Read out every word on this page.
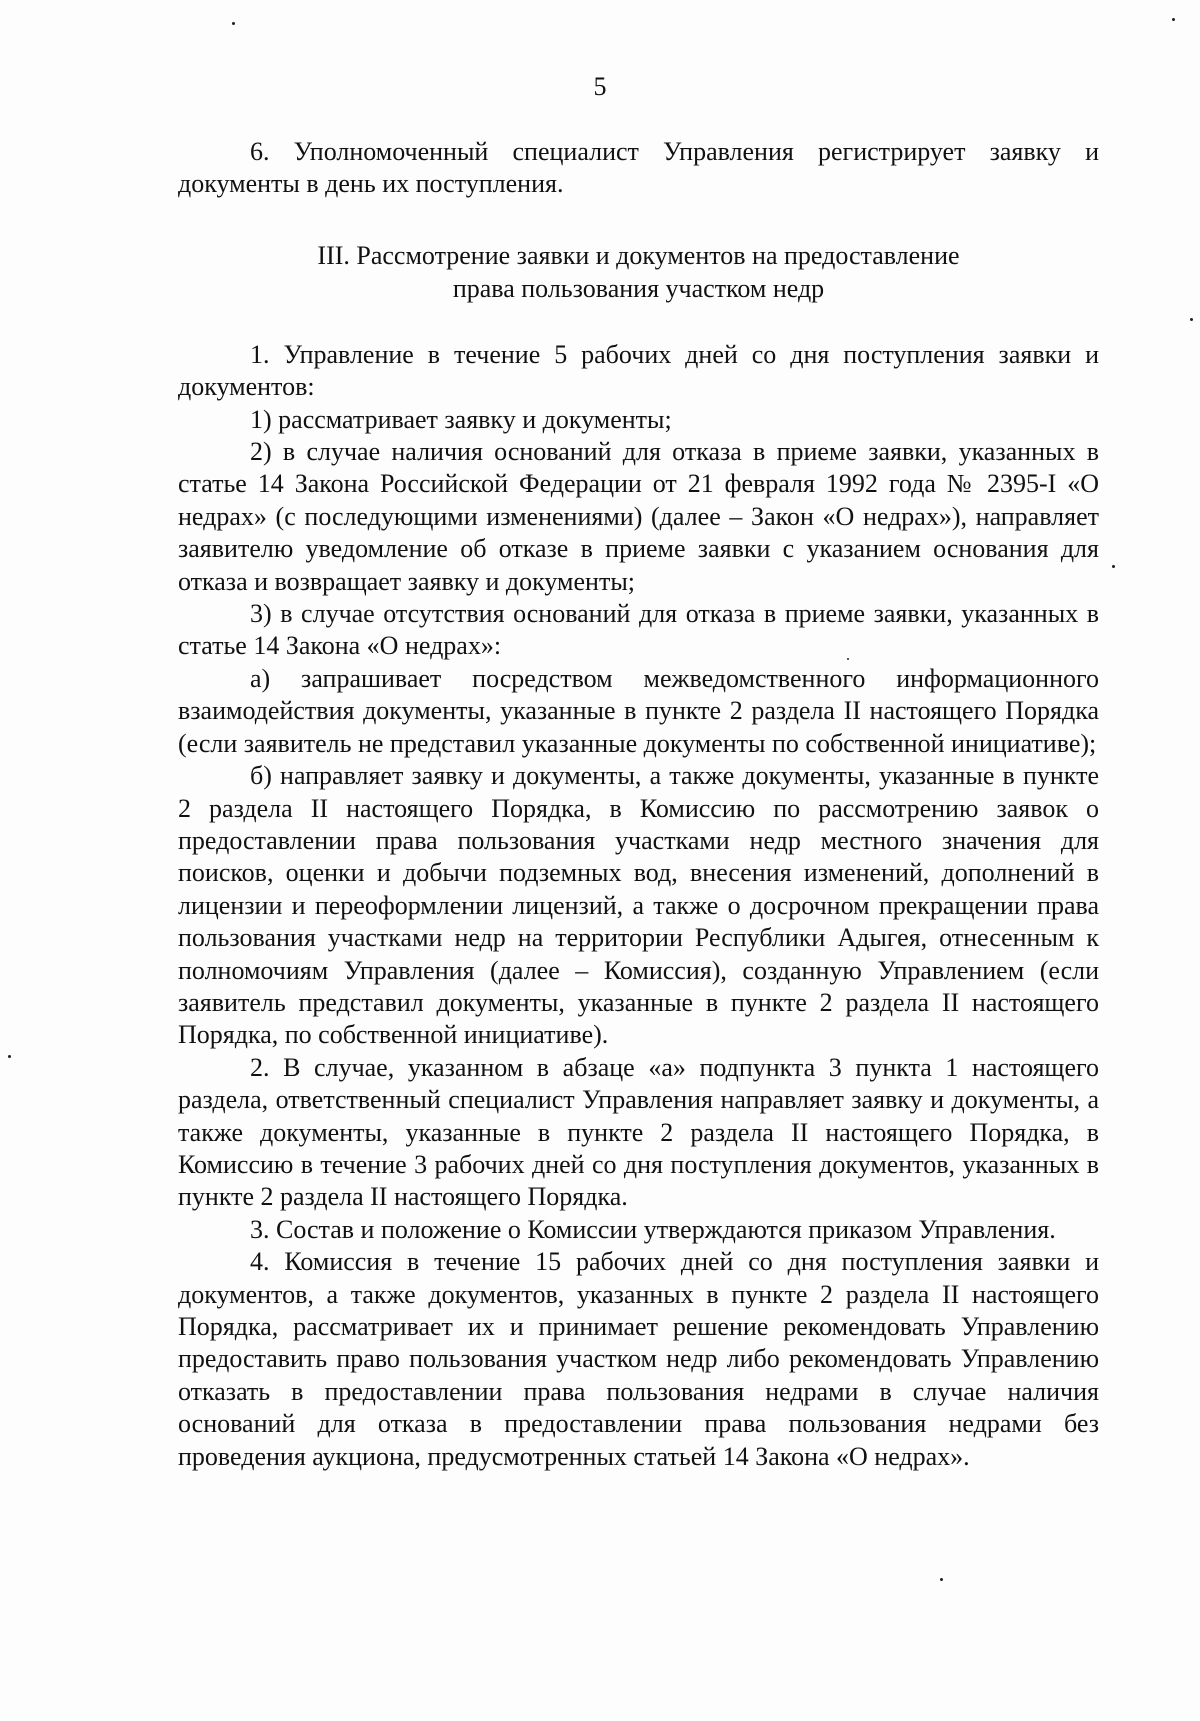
5

6. Уполномоченный специалист Управления регистрирует заявку и документы в день их поступления.

III. Рассмотрение заявки и документов на предоставление
права пользования участком недр

1. Управление в течение 5 рабочих дней со дня поступления заявки и документов:

1) рассматривает заявку и документы;

2) в случае наличия оснований для отказа в приеме заявки, указанных в статье 14 Закона Российской Федерации от 21 февраля 1992 года № 2395-I «О недрах» (с последующими изменениями) (далее – Закон «О недрах»), направляет заявителю уведомление об отказе в приеме заявки с указанием основания для отказа и возвращает заявку и документы;

3) в случае отсутствия оснований для отказа в приеме заявки, указанных в статье 14 Закона «О недрах»:

а) запрашивает посредством межведомственного информационного взаимодействия документы, указанные в пункте 2 раздела II настоящего Порядка (если заявитель не представил указанные документы по собственной инициативе);

б) направляет заявку и документы, а также документы, указанные в пункте 2 раздела II настоящего Порядка, в Комиссию по рассмотрению заявок о предоставлении права пользования участками недр местного значения для поисков, оценки и добычи подземных вод, внесения изменений, дополнений в лицензии и переоформлении лицензий, а также о досрочном прекращении права пользования участками недр на территории Республики Адыгея, отнесенным к полномочиям Управления (далее – Комиссия), созданную Управлением (если заявитель представил документы, указанные в пункте 2 раздела II настоящего Порядка, по собственной инициативе).

2. В случае, указанном в абзаце «а» подпункта 3 пункта 1 настоящего раздела, ответственный специалист Управления направляет заявку и документы, а также документы, указанные в пункте 2 раздела II настоящего Порядка, в Комиссию в течение 3 рабочих дней со дня поступления документов, указанных в пункте 2 раздела II настоящего Порядка.

3. Состав и положение о Комиссии утверждаются приказом Управления.

4. Комиссия в течение 15 рабочих дней со дня поступления заявки и документов, а также документов, указанных в пункте 2 раздела II настоящего Порядка, рассматривает их и принимает решение рекомендовать Управлению предоставить право пользования участком недр либо рекомендовать Управлению отказать в предоставлении права пользования недрами в случае наличия оснований для отказа в предоставлении права пользования недрами без проведения аукциона, предусмотренных статьей 14 Закона «О недрах».
